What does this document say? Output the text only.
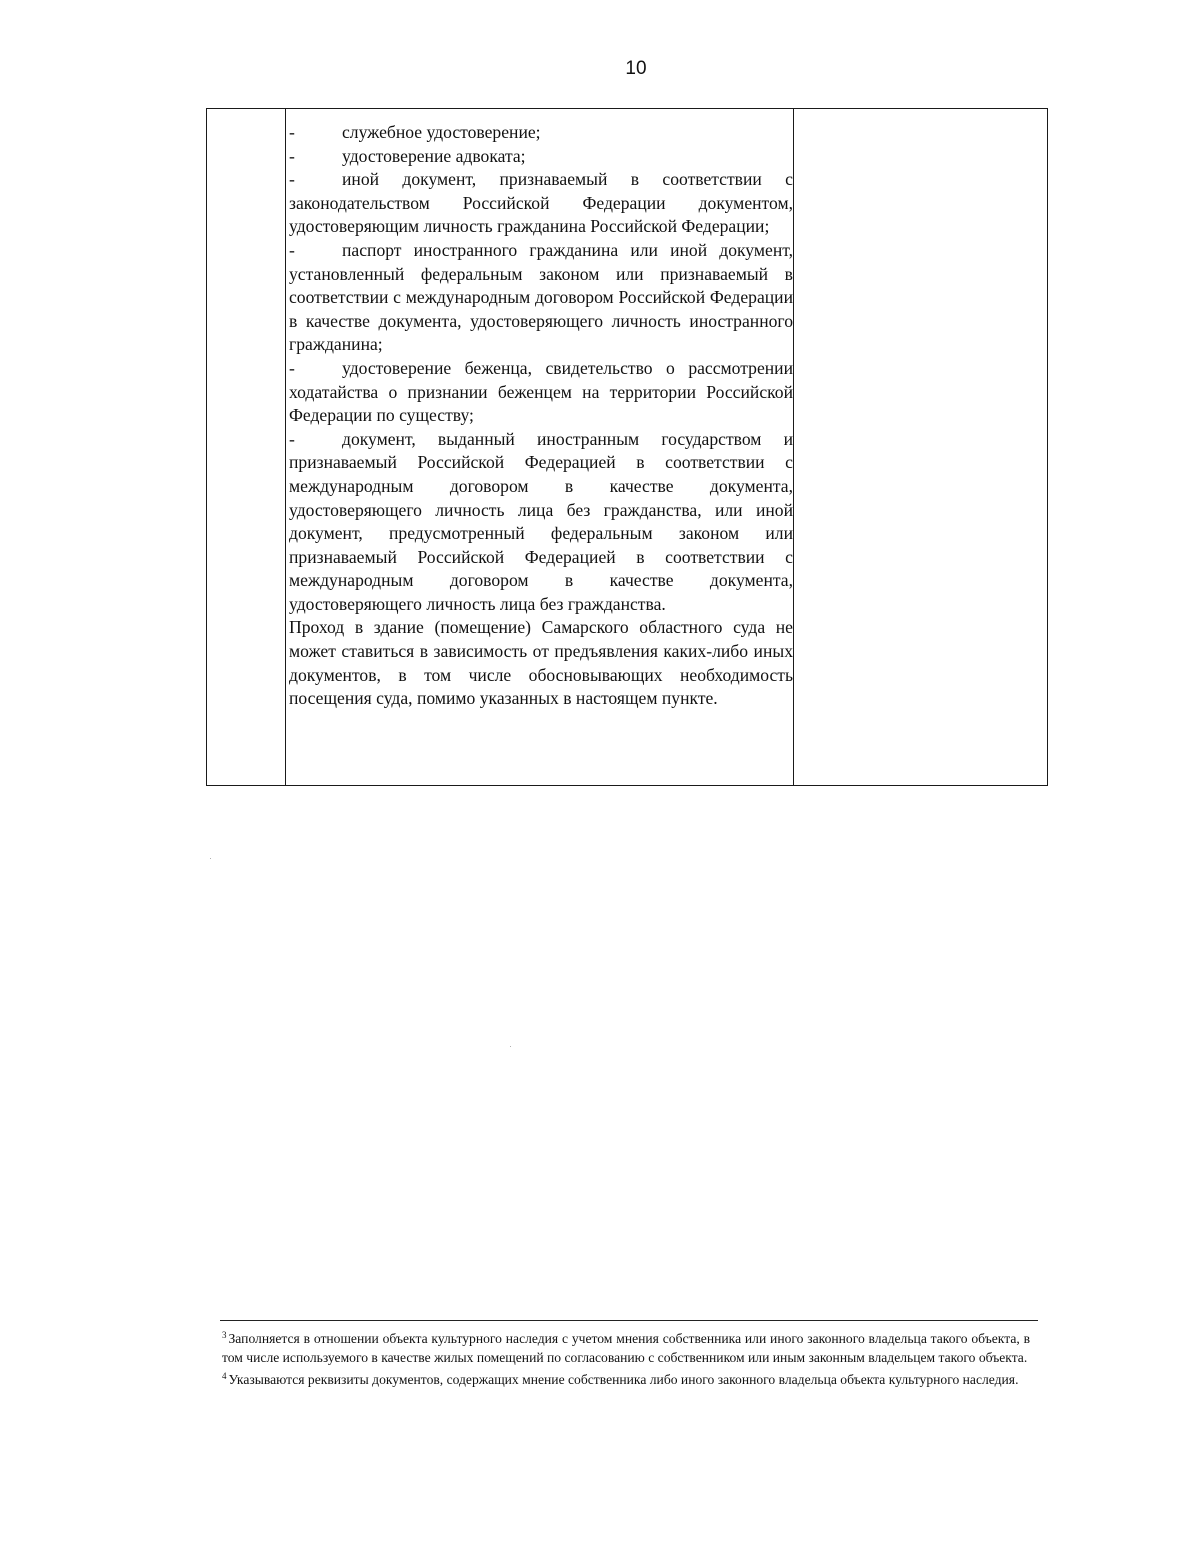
10

-	служебное удостоверение;

-	удостоверение адвоката;

-	иной документ, признаваемый в соответствии с законодательством Российской Федерации документом, удостоверяющим личность гражданина Российской Федерации;

-	паспорт иностранного гражданина или иной документ, установленный федеральным законом или признаваемый в соответствии с международным договором Российской Федерации в качестве документа, удостоверяющего личность иностранного гражданина;

-	удостоверение беженца, свидетельство о рассмотрении ходатайства о признании беженцем на территории Российской Федерации по существу;

-	документ, выданный иностранным государством и признаваемый Российской Федерацией в соответствии с международным договором в качестве документа, удостоверяющего личность лица без гражданства, или иной документ, предусмотренный федеральным законом или признаваемый Российской Федерацией в соответствии с международным договором в качестве документа, удостоверяющего личность лица без гражданства.

Проход в здание (помещение) Самарского областного суда не может ставиться в зависимость от предъявления каких-либо иных документов, в том числе обосновывающих необходимость посещения суда, помимо указанных в настоящем пункте.

$^3$ Заполняется в отношении объекта культурного наследия с учетом мнения собственника или иного законного владельца такого объекта, в том числе используемого в качестве жилых помещений по согласованию с собственником или иным законным владельцем такого объекта.

$^4$ Указываются реквизиты документов, содержащих мнение собственника либо иного законного владельца объекта культурного наследия.
